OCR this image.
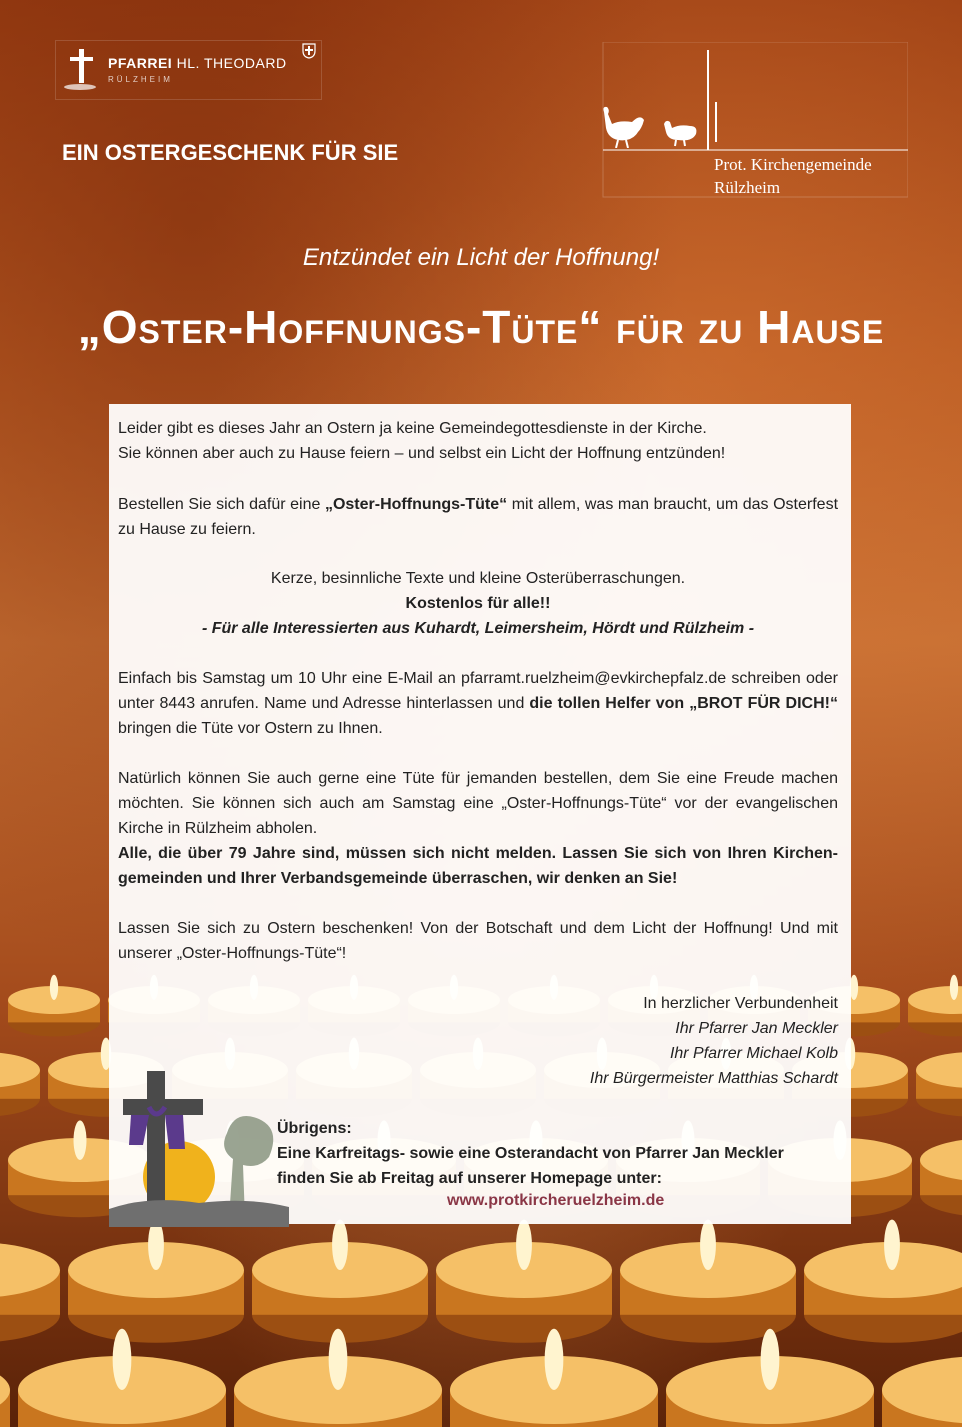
PFARREI HL. THEODARD
RÜLZHEIM
EIN OSTERGESCHENK FÜR SIE	Prot. Kirchengemeinde
Rülzheim
Entzündet ein Licht der Hoffnung!
„Oster-Hoffnungs-Tüte“ für zu Hause
Leider gibt es dieses Jahr an Ostern ja keine Gemeindegottesdienste in der Kirche.
Sie können aber auch zu Hause feiern – und selbst ein Licht der Hoffnung entzünden!
Bestellen Sie sich dafür eine „Oster-Hoffnungs-Tüte“ mit allem, was man braucht, um das Osterfest zu Hause zu feiern.
Kerze, besinnliche Texte und kleine Osterüberraschungen.
Kostenlos für alle!!
- Für alle Interessierten aus Kuhardt, Leimersheim, Hördt und Rülzheim -
Einfach bis Samstag um 10 Uhr eine E-Mail an pfarramt.ruelzheim@evkirchepfalz.de schreiben oder unter 8443 anrufen. Name und Adresse hinterlassen und die tollen Helfer von „BROT FÜR DICH!“ bringen die Tüte vor Ostern zu Ihnen.
Natürlich können Sie auch gerne eine Tüte für jemanden bestellen, dem Sie eine Freude machen möchten. Sie können sich auch am Samstag eine „Oster-Hoffnungs-Tüte“ vor der evangelischen Kirche in Rülzheim abholen.
Alle, die über 79 Jahre sind, müssen sich nicht melden. Lassen Sie sich von Ihren Kirchen-gemeinden und Ihrer Verbandsgemeinde überraschen, wir denken an Sie!
Lassen Sie sich zu Ostern beschenken! Von der Botschaft und dem Licht der Hoffnung! Und mit unserer „Oster-Hoffnungs-Tüte“!
In herzlicher Verbundenheit
Ihr Pfarrer Jan Meckler
Ihr Pfarrer Michael Kolb
Ihr Bürgermeister Matthias Schardt
Übrigens:
Eine Karfreitags- sowie eine Osterandacht von Pfarrer Jan Meckler
finden Sie ab Freitag auf unserer Homepage unter:
www.protkircheruelzheim.de
